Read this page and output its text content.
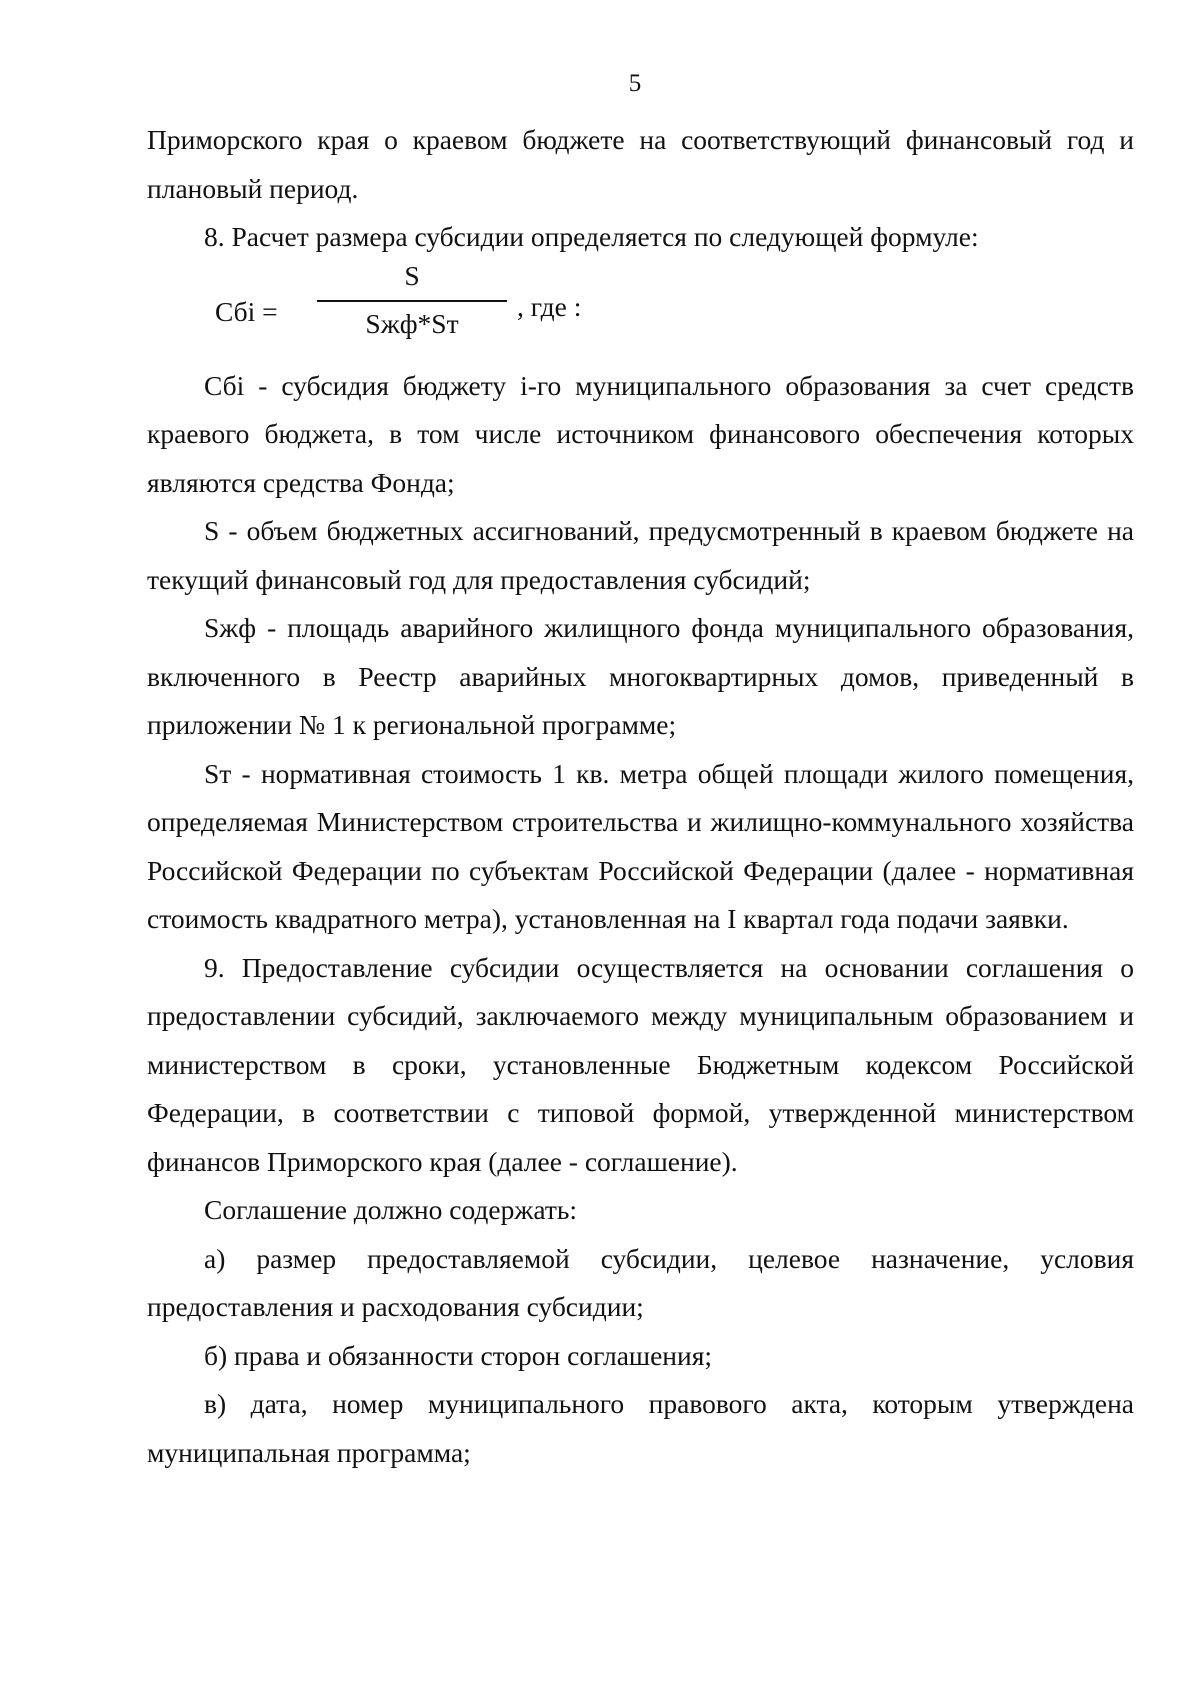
5

Приморского края о краевом бюджете на соответствующий финансовый год и плановый период.

8. Расчет размера субсидии определяется по следующей формуле:

Сбi =
S
Sжф*Sт
, где :

Сбi - субсидия бюджету i-го муниципального образования за счет средств краевого бюджета, в том числе источником финансового обеспечения которых являются средства Фонда;

S - объем бюджетных ассигнований, предусмотренный в краевом бюджете на текущий финансовый год для предоставления субсидий;

Sжф - площадь аварийного жилищного фонда муниципального образования, включенного в Реестр аварийных многоквартирных домов, приведенный в приложении № 1 к региональной программе;

Sт - нормативная стоимость 1 кв. метра общей площади жилого помещения, определяемая Министерством строительства и жилищно-коммунального хозяйства Российской Федерации по субъектам Российской Федерации (далее - нормативная стоимость квадратного метра), установленная на I квартал года подачи заявки.

9. Предоставление субсидии осуществляется на основании соглашения о предоставлении субсидий, заключаемого между муниципальным образованием и министерством в сроки, установленные Бюджетным кодексом Российской Федерации, в соответствии с типовой формой, утвержденной министерством финансов Приморского края (далее - соглашение).

Соглашение должно содержать:

а) размер предоставляемой субсидии, целевое назначение, условия предоставления и расходования субсидии;

б) права и обязанности сторон соглашения;

в) дата, номер муниципального правового акта, которым утверждена муниципальная программа;
